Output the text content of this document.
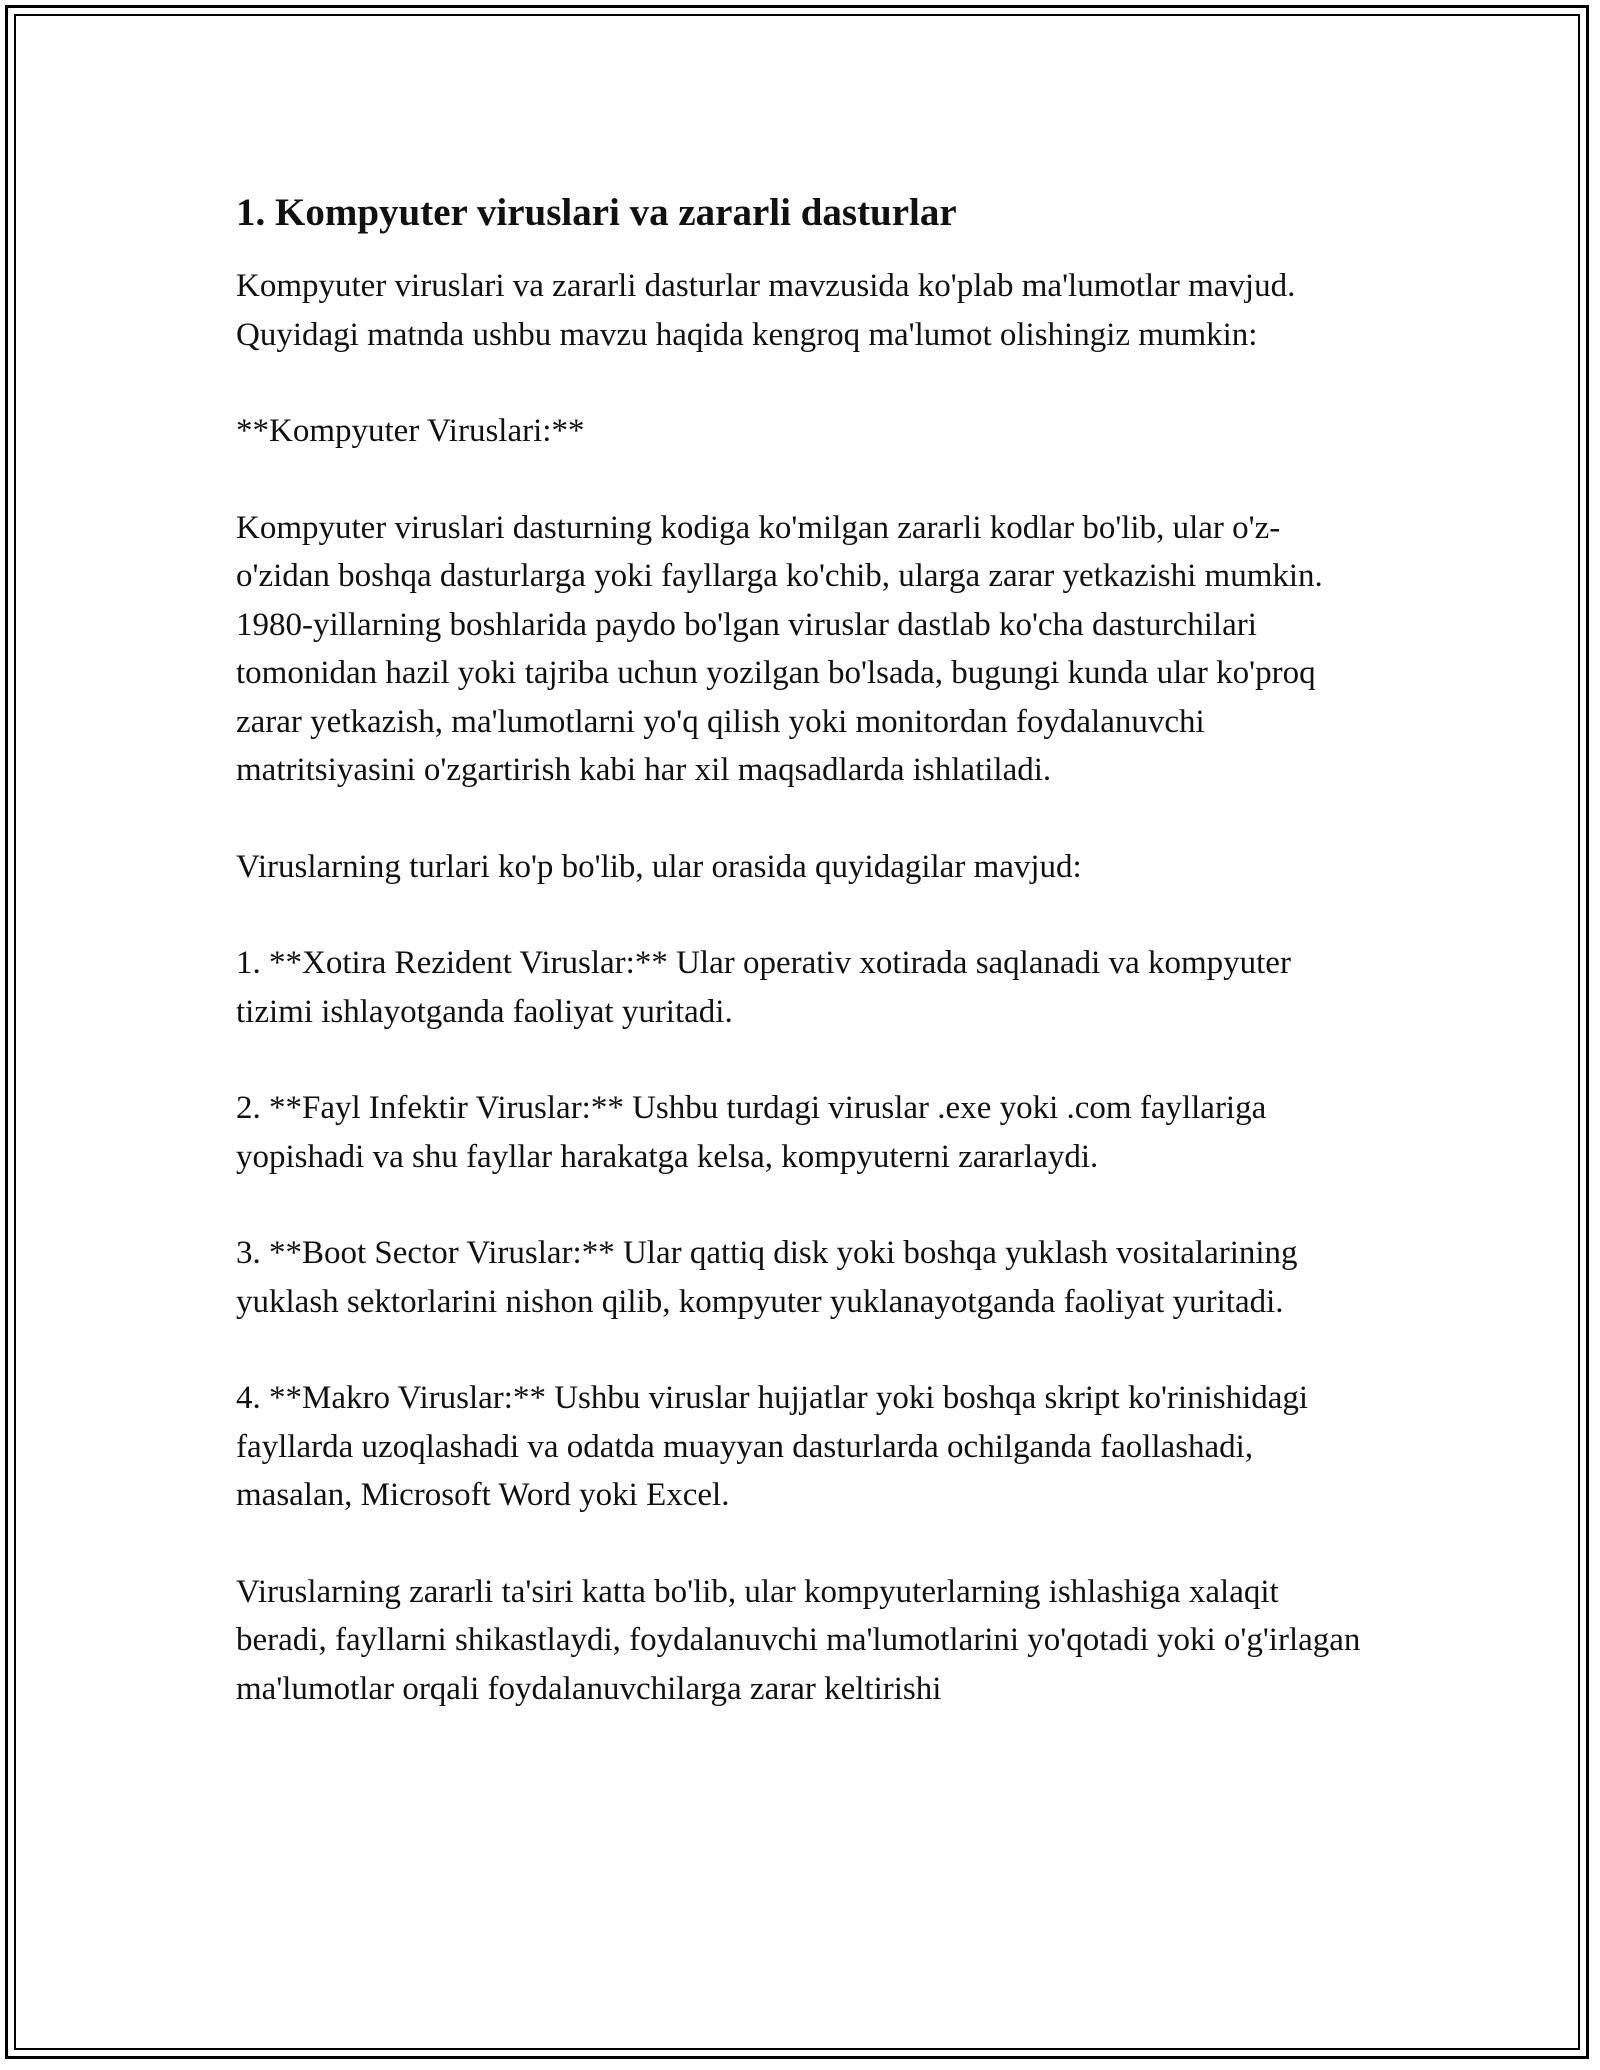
1. Kompyuter viruslari va zararli dasturlar

Kompyuter viruslari va zararli dasturlar mavzusida ko'plab ma'lumotlar mavjud. Quyidagi matnda ushbu mavzu haqida kengroq ma'lumot olishingiz mumkin:

**Kompyuter Viruslari:**

Kompyuter viruslari dasturning kodiga ko'milgan zararli kodlar bo'lib, ular o'z-o'zidan boshqa dasturlarga yoki fayllarga ko'chib, ularga zarar yetkazishi mumkin. 1980-yillarning boshlarida paydo bo'lgan viruslar dastlab ko'cha dasturchilari tomonidan hazil yoki tajriba uchun yozilgan bo'lsada, bugungi kunda ular ko'proq zarar yetkazish, ma'lumotlarni yo'q qilish yoki monitordan foydalanuvchi matritsiyasini o'zgartirish kabi har xil maqsadlarda ishlatiladi.

Viruslarning turlari ko'p bo'lib, ular orasida quyidagilar mavjud:

1. **Xotira Rezident Viruslar:** Ular operativ xotirada saqlanadi va kompyuter tizimi ishlayotganda faoliyat yuritadi.

2. **Fayl Infektir Viruslar:** Ushbu turdagi viruslar .exe yoki .com fayllariga yopishadi va shu fayllar harakatga kelsa, kompyuterni zararlaydi.

3. **Boot Sector Viruslar:** Ular qattiq disk yoki boshqa yuklash vositalarining yuklash sektorlarini nishon qilib, kompyuter yuklanayotganda faoliyat yuritadi.

4. **Makro Viruslar:** Ushbu viruslar hujjatlar yoki boshqa skript ko'rinishidagi fayllarda uzoqlashadi va odatda muayyan dasturlarda ochilganda faollashadi, masalan, Microsoft Word yoki Excel.

Viruslarning zararli ta'siri katta bo'lib, ular kompyuterlarning ishlashiga xalaqit beradi, fayllarni shikastlaydi, foydalanuvchi ma'lumotlarini yo'qotadi yoki o'g'irlagan ma'lumotlar orqali foydalanuvchilarga zarar keltirishi
